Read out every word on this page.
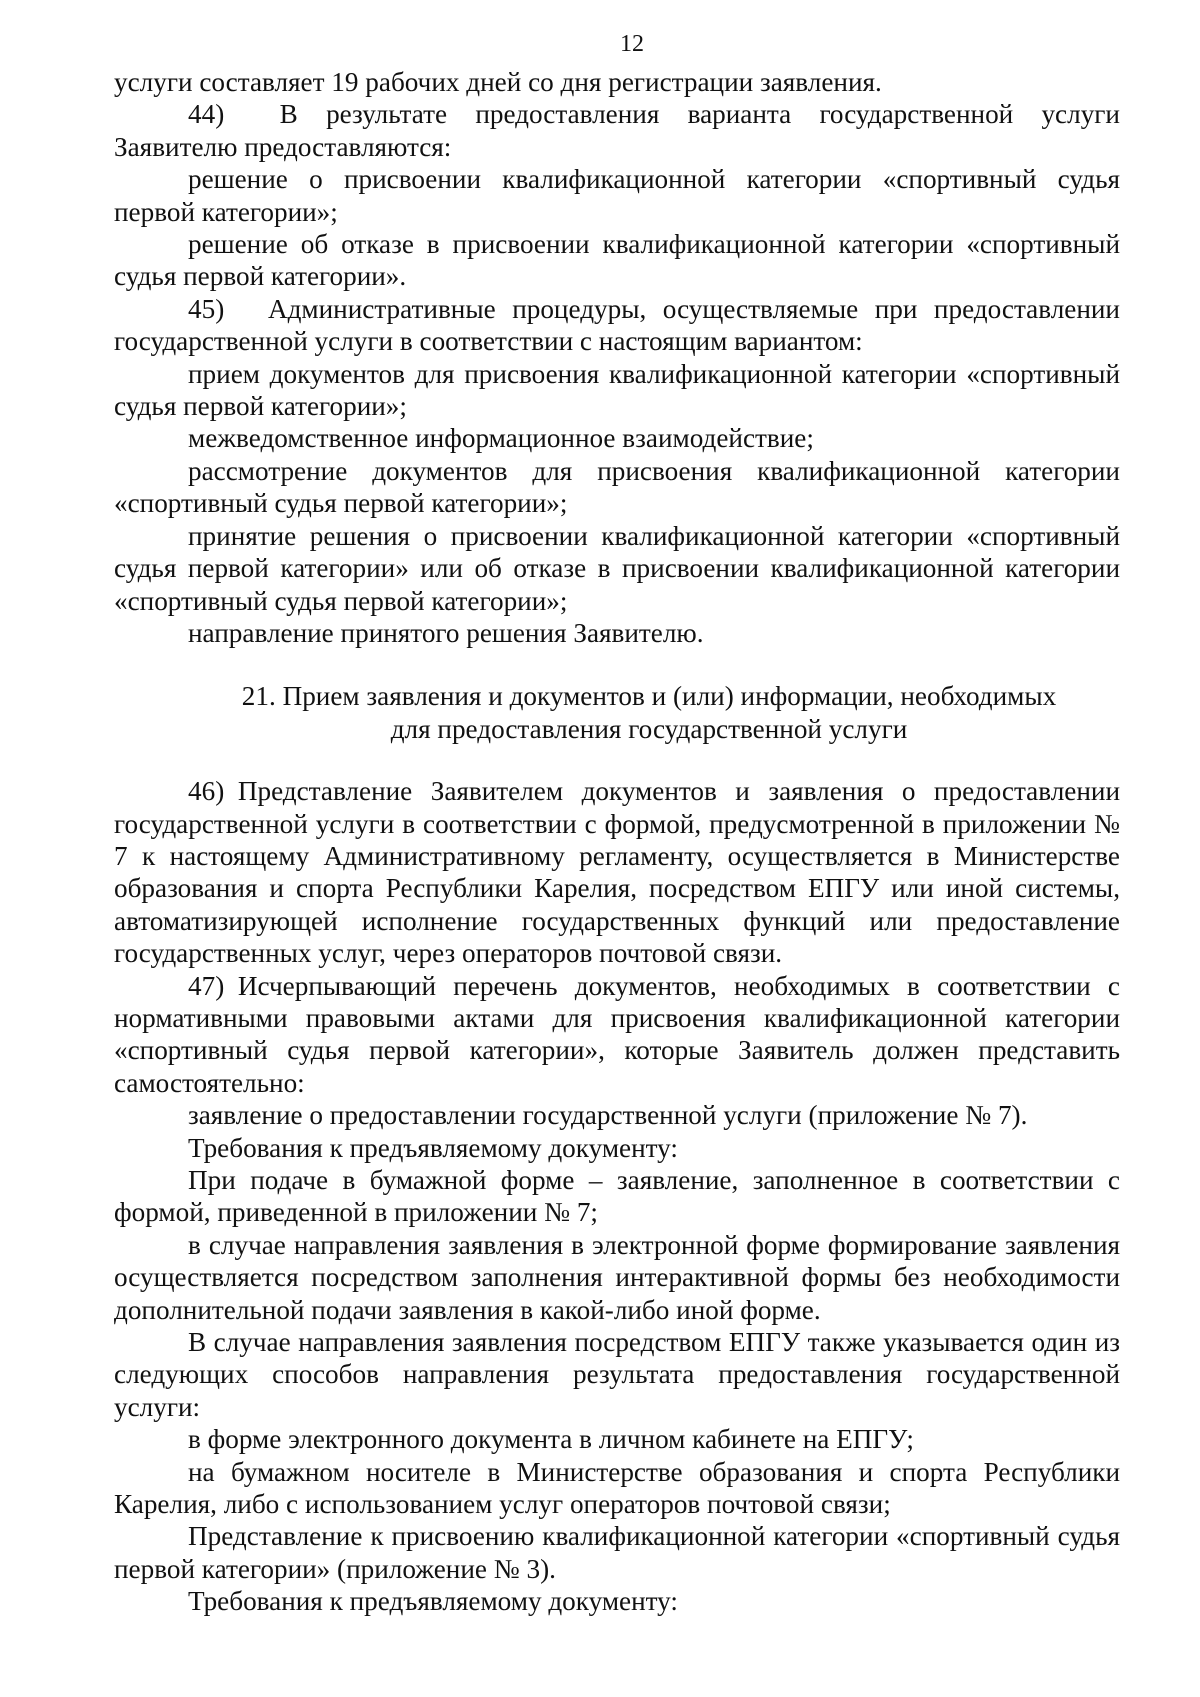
12

услуги составляет 19 рабочих дней со дня регистрации заявления.

44)  В результате предоставления варианта государственной услуги Заявителю предоставляются:

решение о присвоении квалификационной категории «спортивный судья первой категории»;

решение об отказе в присвоении квалификационной категории «спортивный судья первой категории».

45)  Административные процедуры, осуществляемые при предоставлении государственной услуги в соответствии с настоящим вариантом:

прием документов для присвоения квалификационной категории «спортивный судья первой категории»;

межведомственное информационное взаимодействие;

рассмотрение документов для присвоения квалификационной категории «спортивный судья первой категории»;

принятие решения о присвоении квалификационной категории «спортивный судья первой категории» или об отказе в присвоении квалификационной категории «спортивный судья первой категории»;

направление принятого решения Заявителю.

21. Прием заявления и документов и (или) информации, необходимых

для предоставления государственной услуги

46) Представление Заявителем документов и заявления о предоставлении государственной услуги в соответствии с формой, предусмотренной в приложении № 7 к настоящему Административному регламенту, осуществляется в Министерстве образования и спорта Республики Карелия, посредством ЕПГУ или иной системы, автоматизирующей исполнение государственных функций или предоставление государственных услуг, через операторов почтовой связи.

47) Исчерпывающий перечень документов, необходимых в соответствии с нормативными правовыми актами для присвоения квалификационной категории «спортивный судья первой категории», которые Заявитель должен представить самостоятельно:

заявление о предоставлении государственной услуги (приложение № 7).

Требования к предъявляемому документу:

При подаче в бумажной форме – заявление, заполненное в соответствии с формой, приведенной в приложении № 7;

в случае направления заявления в электронной форме формирование заявления осуществляется посредством заполнения интерактивной формы без необходимости дополнительной подачи заявления в какой-либо иной форме.

В случае направления заявления посредством ЕПГУ также указывается один из следующих способов направления результата предоставления государственной услуги:

в форме электронного документа в личном кабинете на ЕПГУ;

на бумажном носителе в Министерстве образования и спорта Республики Карелия, либо с использованием услуг операторов почтовой связи;

Представление к присвоению квалификационной категории «спортивный судья первой категории» (приложение № 3).

Требования к предъявляемому документу:
